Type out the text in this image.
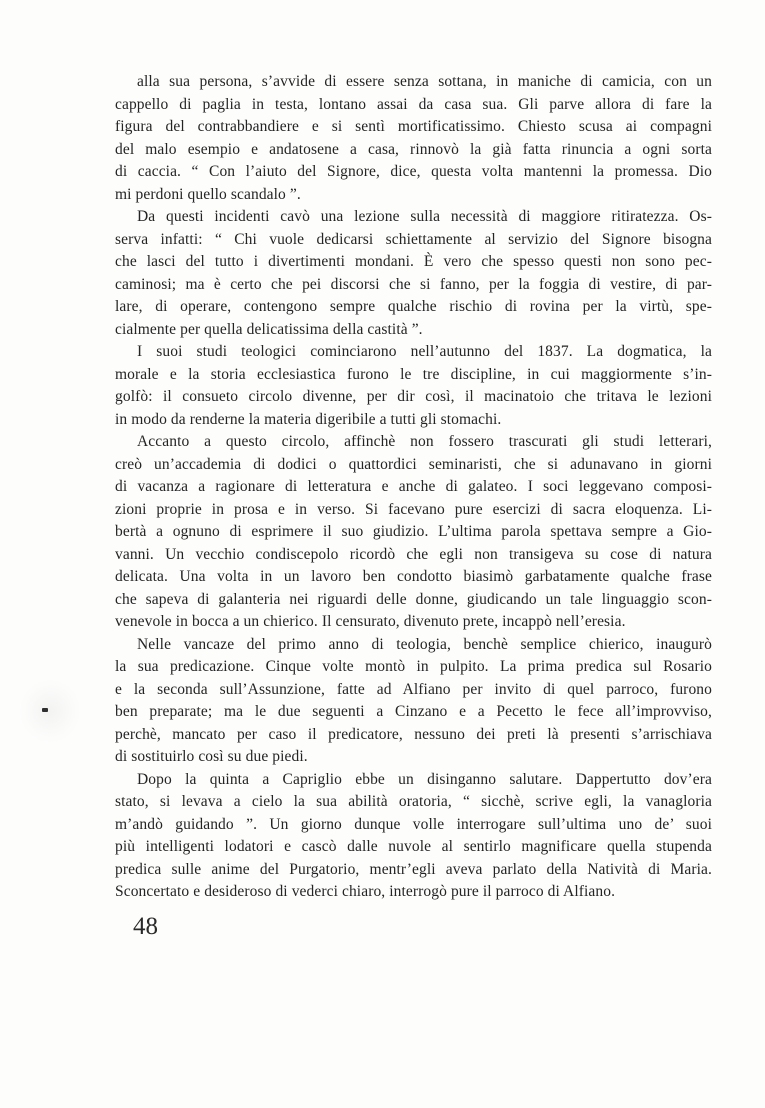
alla sua persona, s’avvide di essere senza sottana, in maniche di camicia, con un
cappello di paglia in testa, lontano assai da casa sua. Gli parve allora di fare la
figura del contrabbandiere e si sentì mortificatissimo. Chiesto scusa ai compagni
del malo esempio e andatosene a casa, rinnovò la già fatta rinuncia a ogni sorta
di caccia. “ Con l’aiuto del Signore, dice, questa volta mantenni la promessa. Dio
mi perdoni quello scandalo ”.
Da questi incidenti cavò una lezione sulla necessità di maggiore ritiratezza. Os-
serva infatti: “ Chi vuole dedicarsi schiettamente al servizio del Signore bisogna
che lasci del tutto i divertimenti mondani. È vero che spesso questi non sono pec-
caminosi; ma è certo che pei discorsi che si fanno, per la foggia di vestire, di par-
lare, di operare, contengono sempre qualche rischio di rovina per la virtù, spe-
cialmente per quella delicatissima della castità ”.
I suoi studi teologici cominciarono nell’autunno del 1837. La dogmatica, la
morale e la storia ecclesiastica furono le tre discipline, in cui maggiormente s’in-
golfò: il consueto circolo divenne, per dir così, il macinatoio che tritava le lezioni
in modo da renderne la materia digeribile a tutti gli stomachi.
Accanto a questo circolo, affinchè non fossero trascurati gli studi letterari,
creò un’accademia di dodici o quattordici seminaristi, che si adunavano in giorni
di vacanza a ragionare di letteratura e anche di galateo. I soci leggevano composi-
zioni proprie in prosa e in verso. Si facevano pure esercizi di sacra eloquenza. Li-
bertà a ognuno di esprimere il suo giudizio. L’ultima parola spettava sempre a Gio-
vanni. Un vecchio condiscepolo ricordò che egli non transigeva su cose di natura
delicata. Una volta in un lavoro ben condotto biasimò garbatamente qualche frase
che sapeva di galanteria nei riguardi delle donne, giudicando un tale linguaggio scon-
venevole in bocca a un chierico. Il censurato, divenuto prete, incappò nell’eresia.
Nelle vancaze del primo anno di teologia, benchè semplice chierico, inaugurò
la sua predicazione. Cinque volte montò in pulpito. La prima predica sul Rosario
e la seconda sull’Assunzione, fatte ad Alfiano per invito di quel parroco, furono
ben preparate; ma le due seguenti a Cinzano e a Pecetto le fece all’improvviso,
perchè, mancato per caso il predicatore, nessuno dei preti là presenti s’arrischiava
di sostituirlo così su due piedi.
Dopo la quinta a Capriglio ebbe un disinganno salutare. Dappertutto dov’era
stato, si levava a cielo la sua abilità oratoria, “ sicchè, scrive egli, la vanagloria
m’andò guidando ”. Un giorno dunque volle interrogare sull’ultima uno de’ suoi
più intelligenti lodatori e cascò dalle nuvole al sentirlo magnificare quella stupenda
predica sulle anime del Purgatorio, mentr’egli aveva parlato della Natività di Maria.
Sconcertato e desideroso di vederci chiaro, interrogò pure il parroco di Alfiano.
48
